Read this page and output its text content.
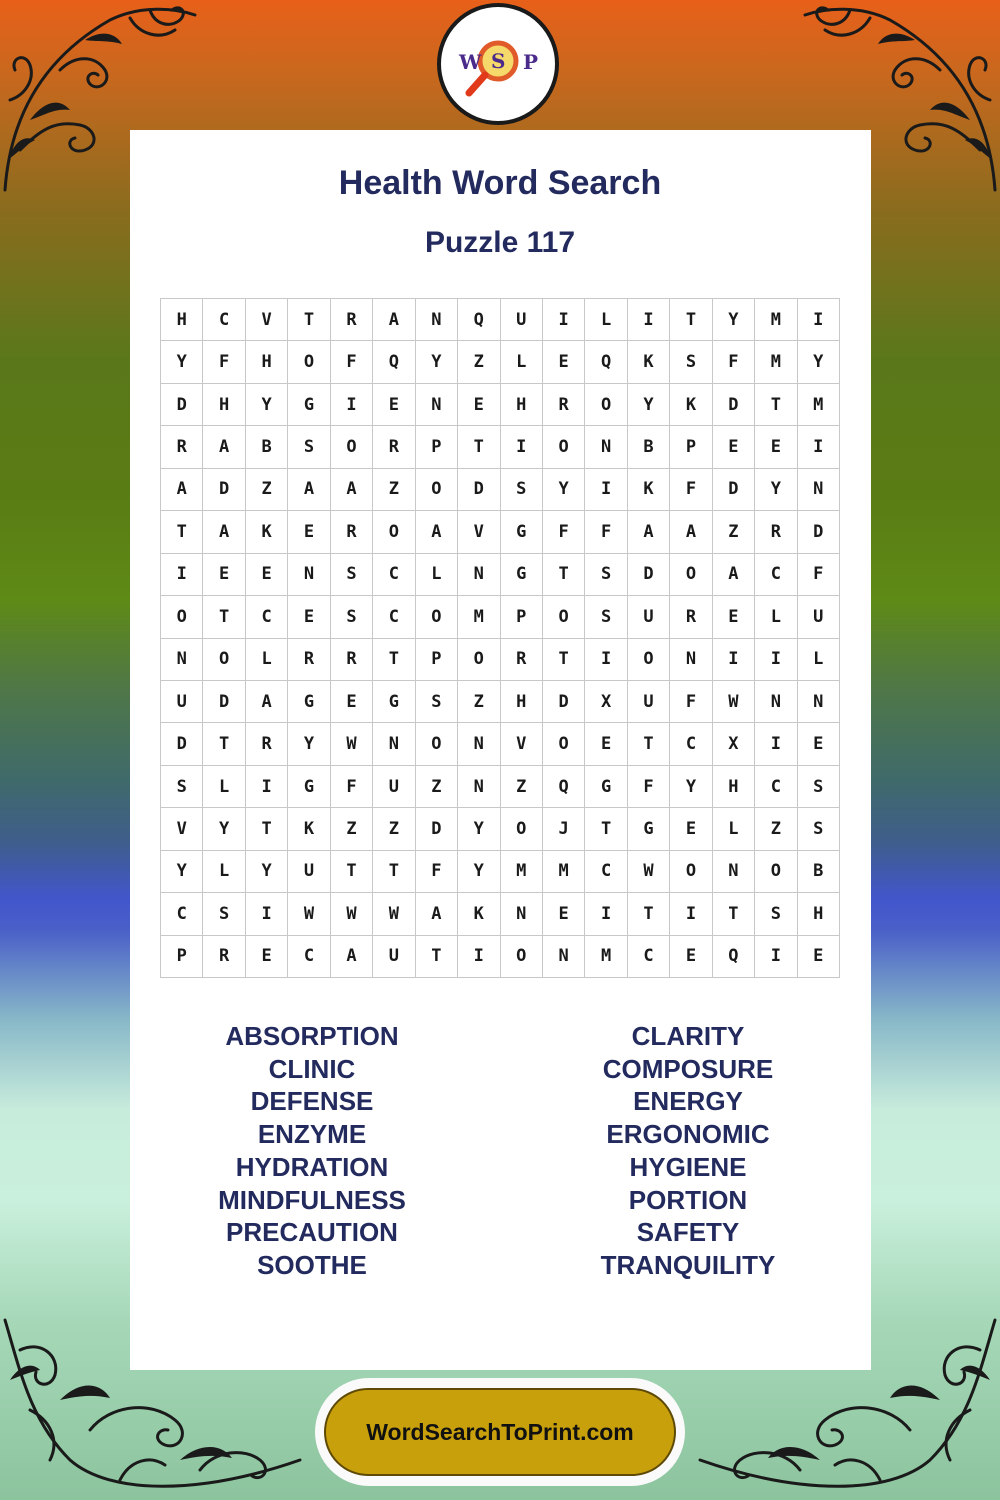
W S P
Health Word Search
Puzzle 117
H	C	V	T	R	A	N	Q	U	I	L	I	T	Y	M	I
Y	F	H	O	F	Q	Y	Z	L	E	Q	K	S	F	M	Y
D	H	Y	G	I	E	N	E	H	R	O	Y	K	D	T	M
R	A	B	S	O	R	P	T	I	O	N	B	P	E	E	I
A	D	Z	A	A	Z	O	D	S	Y	I	K	F	D	Y	N
T	A	K	E	R	O	A	V	G	F	F	A	A	Z	R	D
I	E	E	N	S	C	L	N	G	T	S	D	O	A	C	F
O	T	C	E	S	C	O	M	P	O	S	U	R	E	L	U
N	O	L	R	R	T	P	O	R	T	I	O	N	I	I	L
U	D	A	G	E	G	S	Z	H	D	X	U	F	W	N	N
D	T	R	Y	W	N	O	N	V	O	E	T	C	X	I	E
S	L	I	G	F	U	Z	N	Z	Q	G	F	Y	H	C	S
V	Y	T	K	Z	Z	D	Y	O	J	T	G	E	L	Z	S
Y	L	Y	U	T	T	F	Y	M	M	C	W	O	N	O	B
C	S	I	W	W	W	A	K	N	E	I	T	I	T	S	H
P	R	E	C	A	U	T	I	O	N	M	C	E	Q	I	E
ABSORPTION
CLINIC
DEFENSE
ENZYME
HYDRATION
MINDFULNESS
PRECAUTION
SOOTHE
CLARITY
COMPOSURE
ENERGY
ERGONOMIC
HYGIENE
PORTION
SAFETY
TRANQUILITY
WordSearchToPrint.com
